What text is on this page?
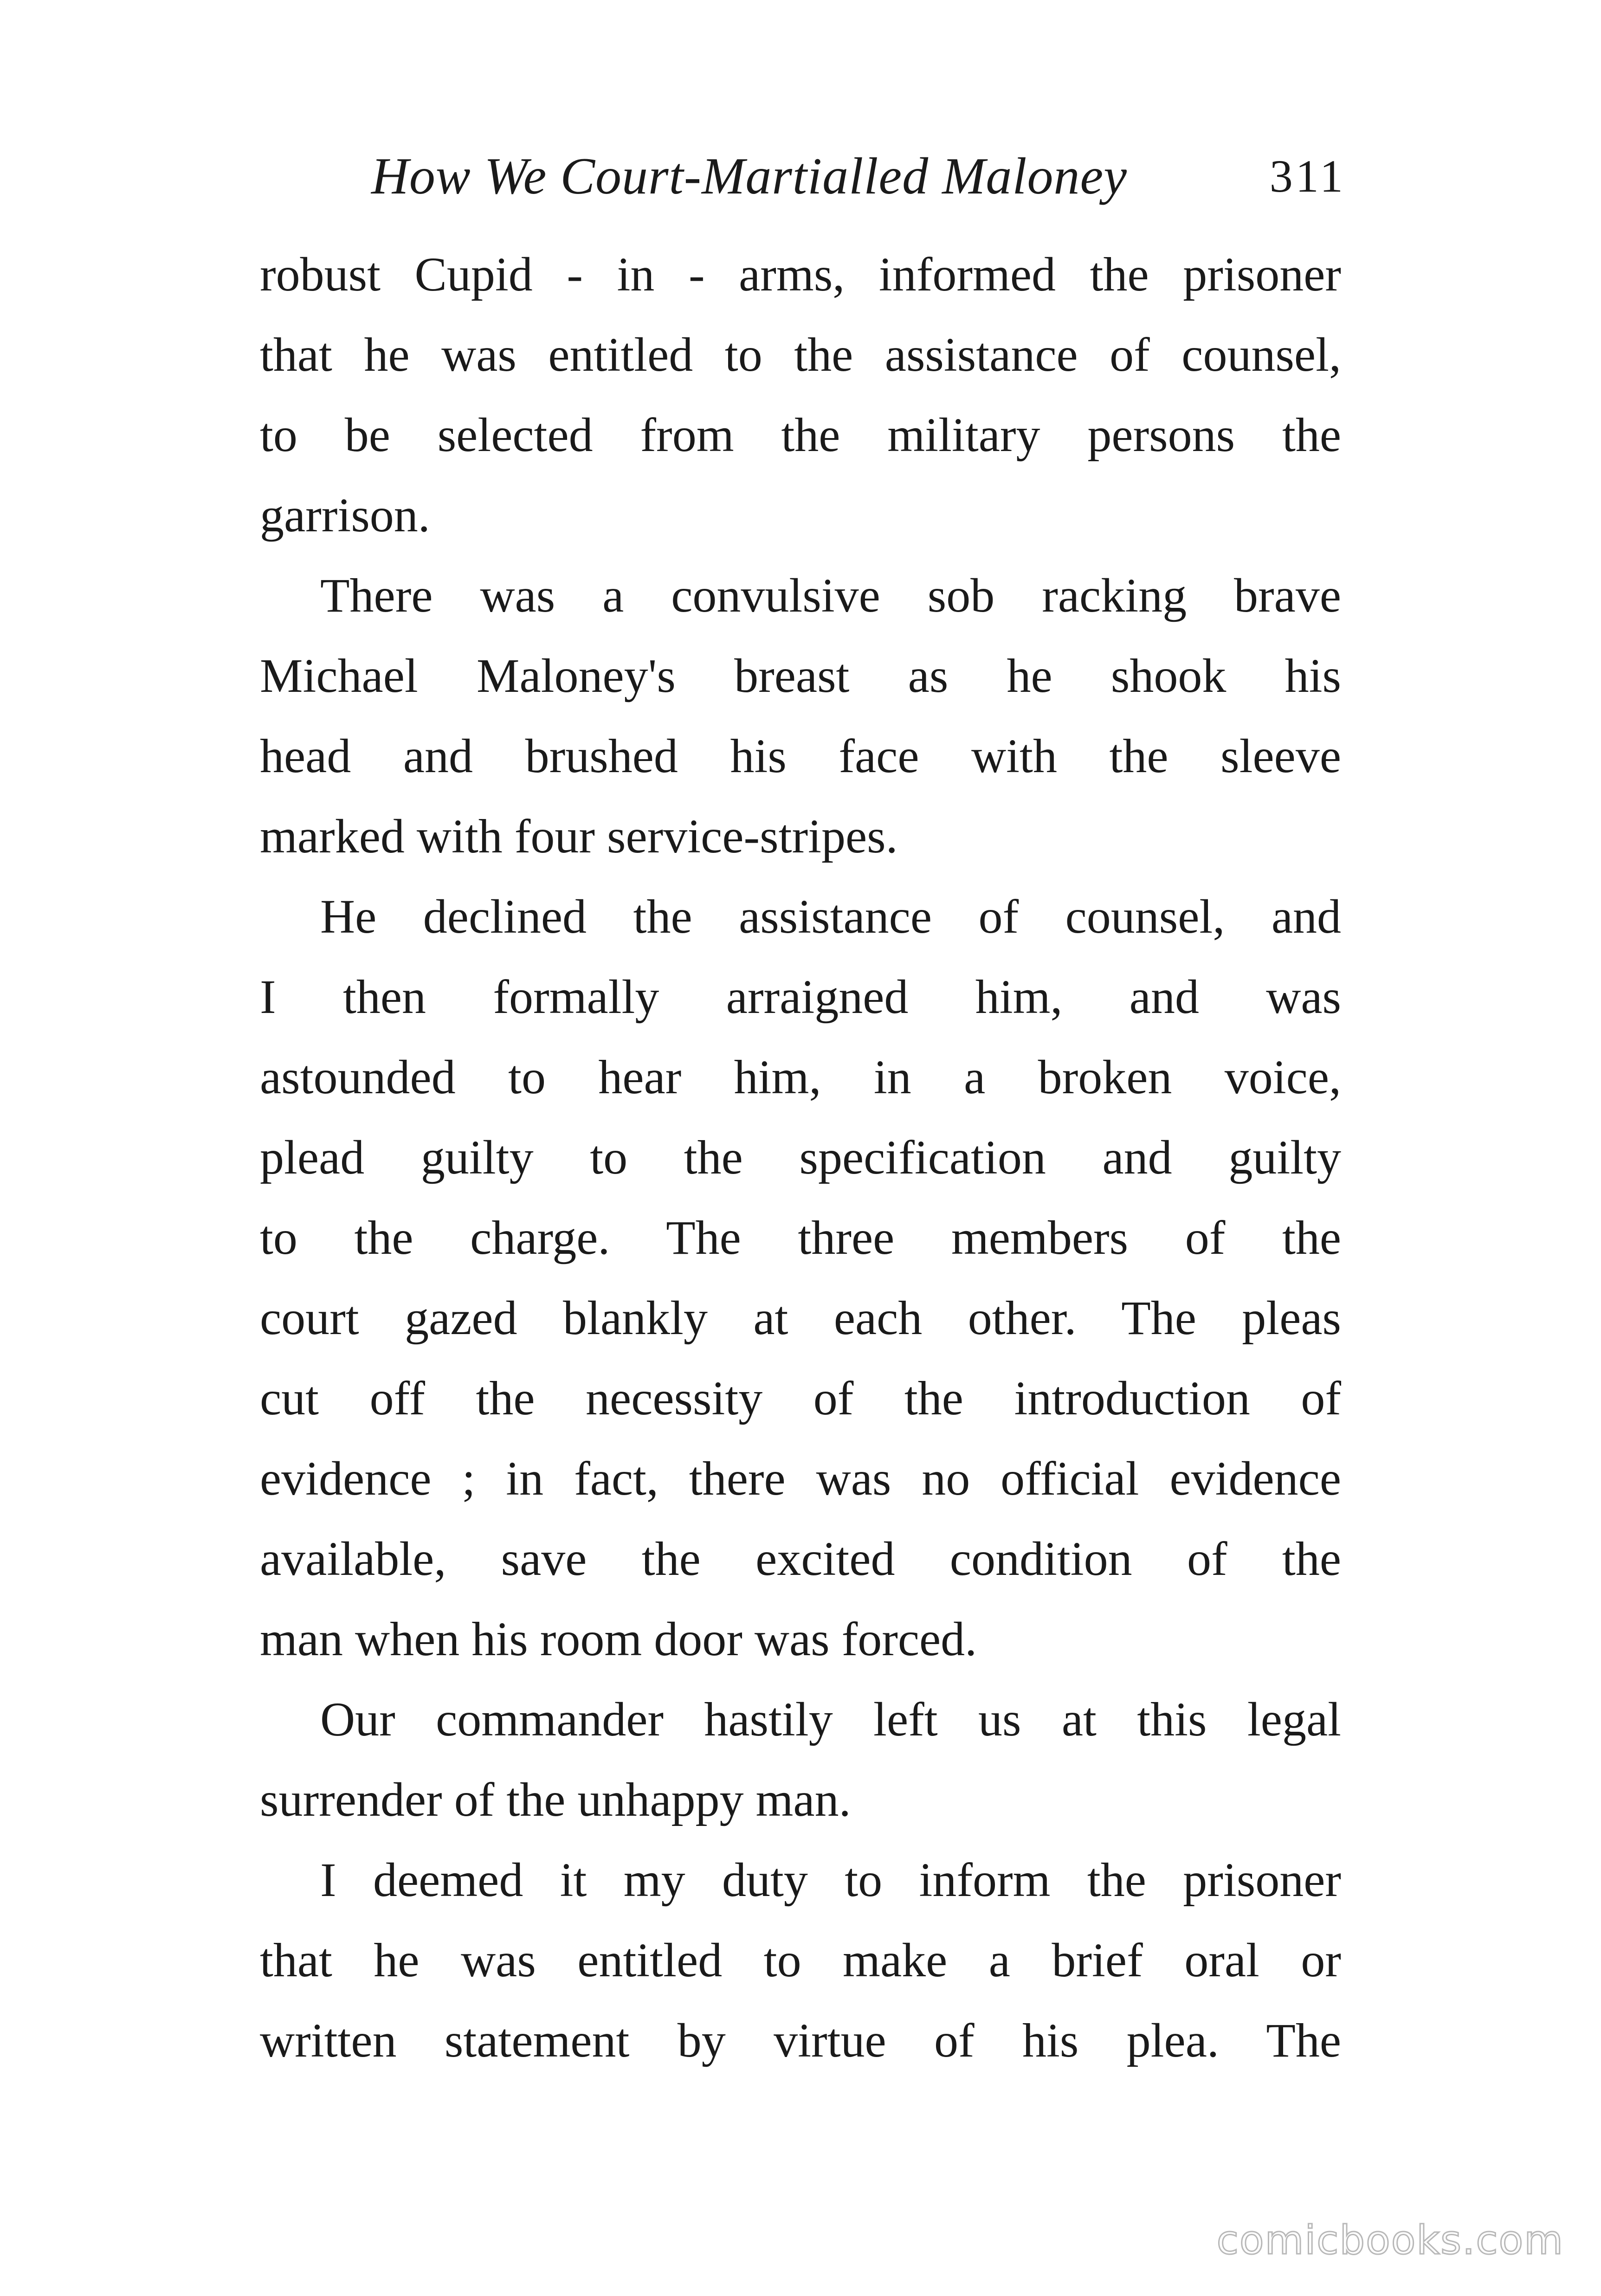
How We Court-Martialled Maloney	311
robust Cupid - in - arms, informed the prisoner
that he was entitled to the assistance of counsel,
to be selected from the military persons the
garrison.
There was a convulsive sob racking brave
Michael Maloney's breast as he shook his
head and brushed his face with the sleeve
marked with four service-stripes.
He declined the assistance of counsel, and
I then formally arraigned him, and was
astounded to hear him, in a broken voice,
plead guilty to the specification and guilty
to the charge. The three members of the
court gazed blankly at each other. The pleas
cut off the necessity of the introduction of
evidence ; in fact, there was no official evidence
available, save the excited condition of the
man when his room door was forced.
Our commander hastily left us at this legal
surrender of the unhappy man.
I deemed it my duty to inform the prisoner
that he was entitled to make a brief oral or
written statement by virtue of his plea. The
comicbooks.com
